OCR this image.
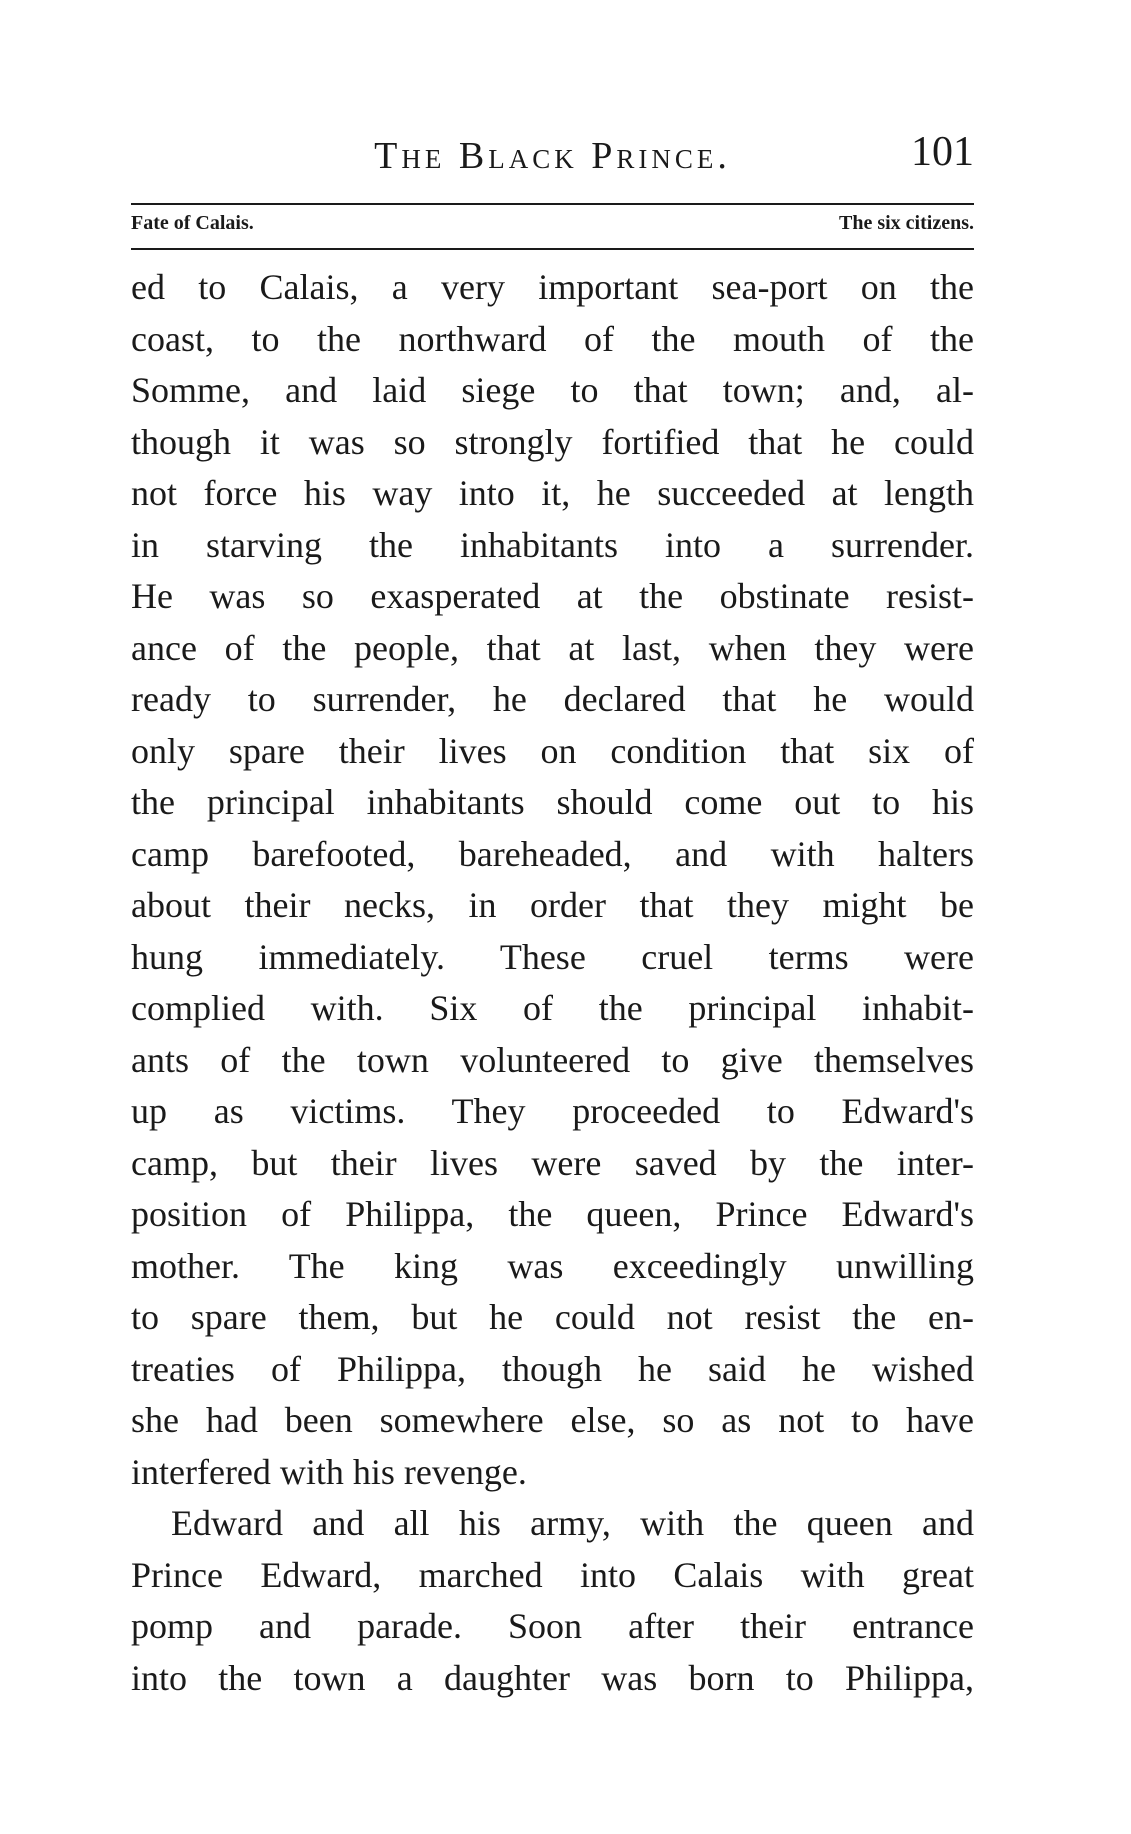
The Black Prince.	101
Fate of Calais.	The six citizens.
ed to Calais, a very important sea-port on the
coast, to the northward of the mouth of the
Somme, and laid siege to that town; and, al-
though it was so strongly fortified that he could
not force his way into it, he succeeded at length
in starving the inhabitants into a surrender.
He was so exasperated at the obstinate resist-
ance of the people, that at last, when they were
ready to surrender, he declared that he would
only spare their lives on condition that six of
the principal inhabitants should come out to his
camp barefooted, bareheaded, and with halters
about their necks, in order that they might be
hung immediately. These cruel terms were
complied with. Six of the principal inhabit-
ants of the town volunteered to give themselves
up as victims. They proceeded to Edward's
camp, but their lives were saved by the inter-
position of Philippa, the queen, Prince Edward's
mother. The king was exceedingly unwilling
to spare them, but he could not resist the en-
treaties of Philippa, though he said he wished
she had been somewhere else, so as not to have
interfered with his revenge.
Edward and all his army, with the queen and
Prince Edward, marched into Calais with great
pomp and parade. Soon after their entrance
into the town a daughter was born to Philippa,
